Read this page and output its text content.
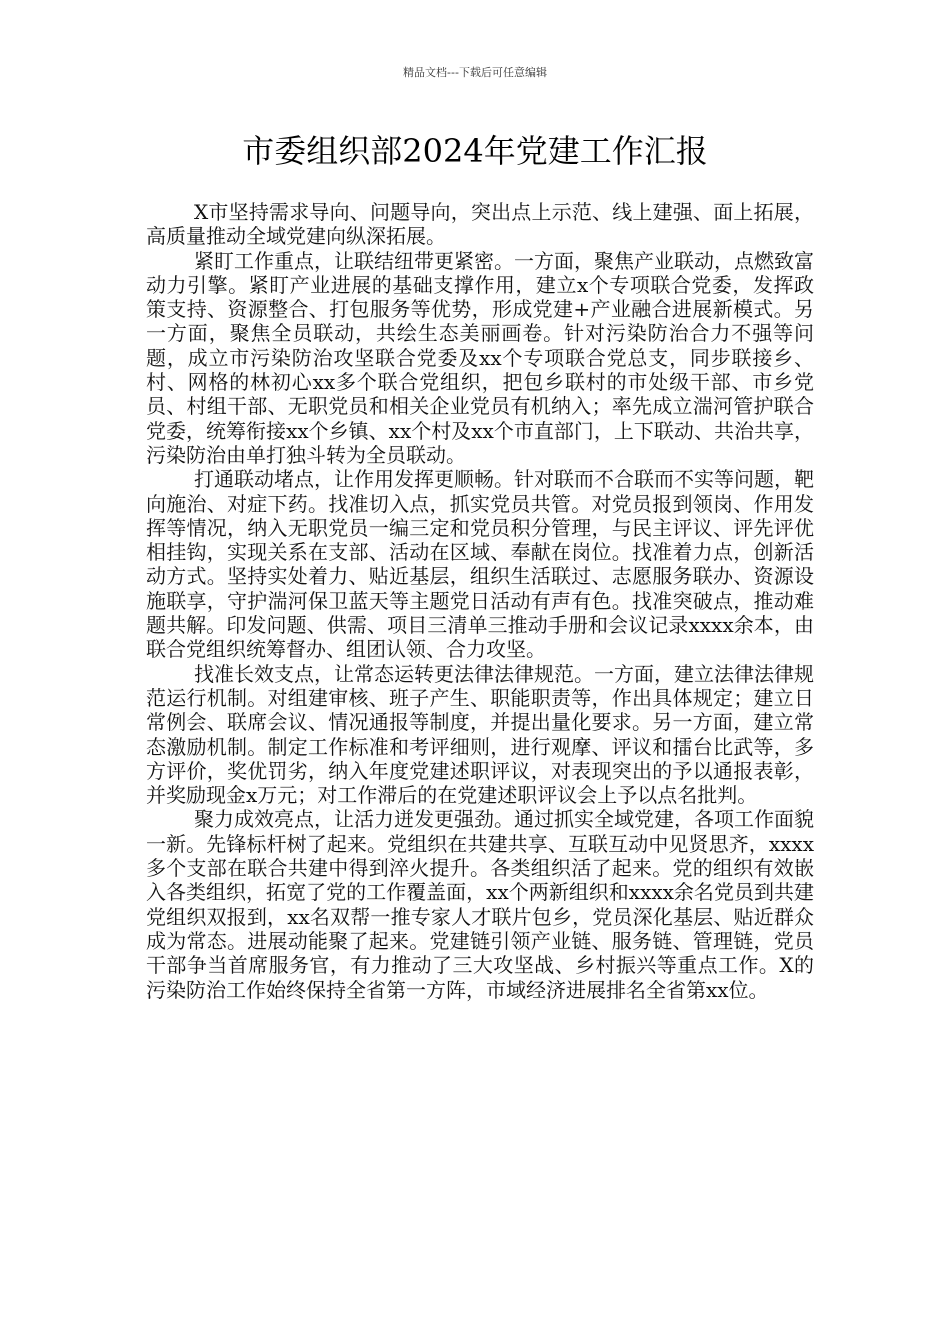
精品文档---下载后可任意编辑
市委组织部2024年党建工作汇报

X市坚持需求导向、问题导向，突出点上示范、线上建强、面上拓展，高质量推动全域党建向纵深拓展。

紧盯工作重点，让联结纽带更紧密。一方面，聚焦产业联动，点燃致富动力引擎。紧盯产业进展的基础支撑作用，建立x个专项联合党委，发挥政策支持、资源整合、打包服务等优势，形成党建+产业融合进展新模式。另一方面，聚焦全员联动，共绘生态美丽画卷。针对污染防治合力不强等问题，成立市污染防治攻坚联合党委及xx个专项联合党总支，同步联接乡、村、网格的林初心xx多个联合党组织，把包乡联村的市处级干部、市乡党员、村组干部、无职党员和相关企业党员有机纳入；率先成立湍河管护联合党委，统筹衔接xx个乡镇、xx个村及xx个市直部门，上下联动、共治共享，污染防治由单打独斗转为全员联动。

打通联动堵点，让作用发挥更顺畅。针对联而不合联而不实等问题，靶向施治、对症下药。找准切入点，抓实党员共管。对党员报到领岗、作用发挥等情况，纳入无职党员一编三定和党员积分管理，与民主评议、评先评优相挂钩，实现关系在支部、活动在区域、奉献在岗位。找准着力点，创新活动方式。坚持实处着力、贴近基层，组织生活联过、志愿服务联办、资源设施联享，守护湍河保卫蓝天等主题党日活动有声有色。找准突破点，推动难题共解。印发问题、供需、项目三清单三推动手册和会议记录xxxx余本，由联合党组织统筹督办、组团认领、合力攻坚。

找准长效支点，让常态运转更法律法律规范。一方面，建立法律法律规范运行机制。对组建审核、班子产生、职能职责等，作出具体规定；建立日常例会、联席会议、情况通报等制度，并提出量化要求。另一方面，建立常态激励机制。制定工作标准和考评细则，进行观摩、评议和擂台比武等，多方评价，奖优罚劣，纳入年度党建述职评议，对表现突出的予以通报表彰，并奖励现金x万元；对工作滞后的在党建述职评议会上予以点名批判。

聚力成效亮点，让活力迸发更强劲。通过抓实全域党建，各项工作面貌一新。先锋标杆树了起来。党组织在共建共享、互联互动中见贤思齐，xxxx多个支部在联合共建中得到淬火提升。各类组织活了起来。党的组织有效嵌入各类组织，拓宽了党的工作覆盖面，xx个两新组织和xxxx余名党员到共建党组织双报到，xx名双帮一推专家人才联片包乡，党员深化基层、贴近群众成为常态。进展动能聚了起来。党建链引领产业链、服务链、管理链，党员干部争当首席服务官，有力推动了三大攻坚战、乡村振兴等重点工作。X的污染防治工作始终保持全省第一方阵，市域经济进展排名全省第xx位。
